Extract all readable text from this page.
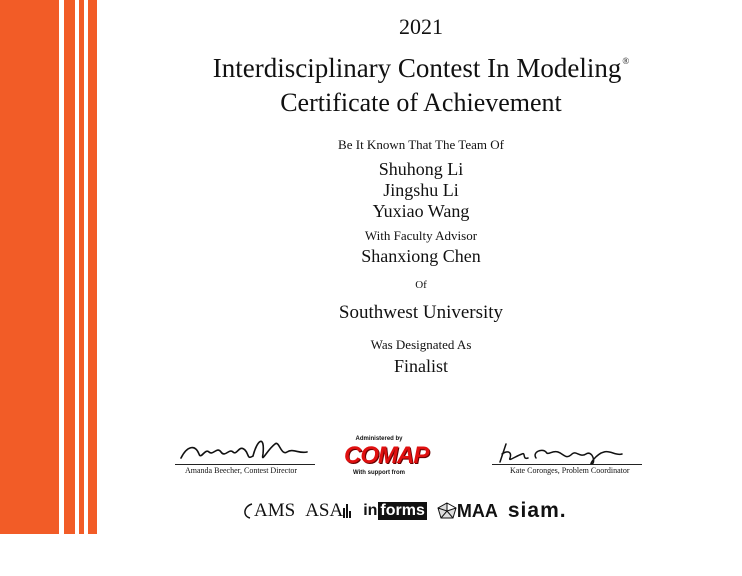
2021
Interdisciplinary Contest In Modeling®
Certificate of Achievement
Be It Known That The Team Of
Shuhong Li
Jingshu Li
Yuxiao Wang
With Faculty Advisor
Shanxiong Chen
Of
Southwest University
Was Designated As
Finalist
Amanda Beecher, Contest Director
Administered by
COMAP
With support from	Kate Coronges, Problem Coordinator
AMS ASA in forms MAA siam.
